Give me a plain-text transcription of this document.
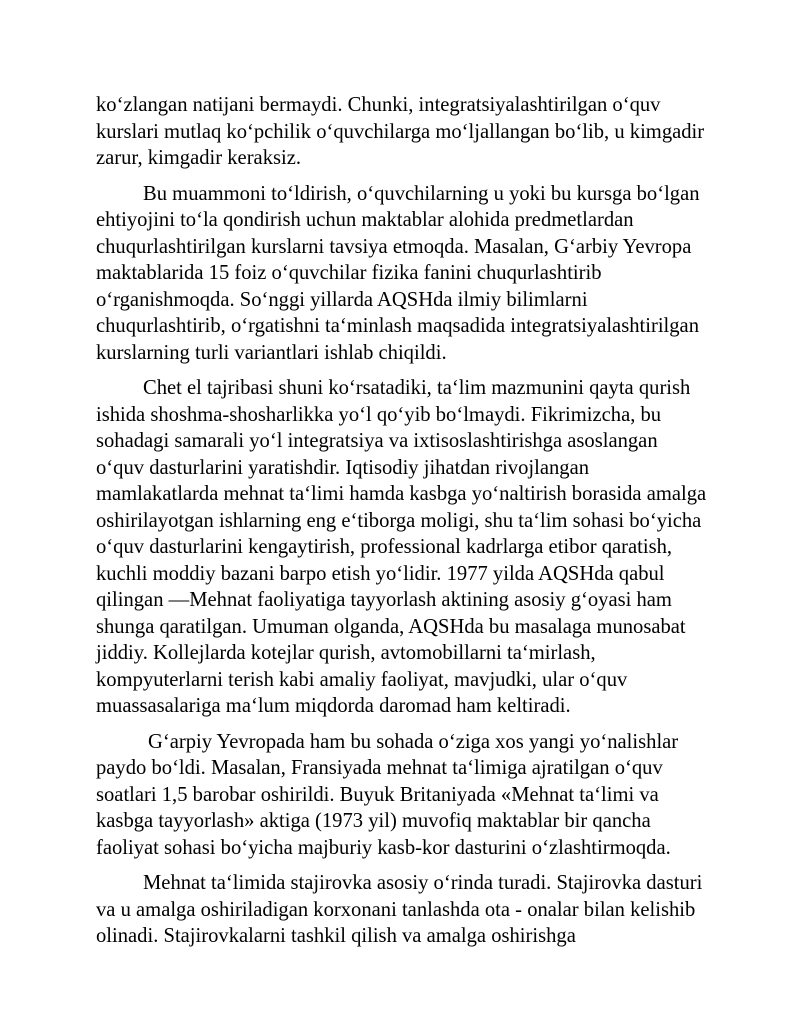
ko‘zlangan natijani bermaydi. Chunki, integratsiyalashtirilgan o‘quv kurslari mutlaq ko‘pchilik o‘quvchilarga mo‘ljallangan bo‘lib, u kimgadir zarur, kimgadir keraksiz.

Bu muammoni to‘ldirish, o‘quvchilarning u yoki bu kursga bo‘lgan ehtiyojini to‘la qondirish uchun maktablar alohida predmetlardan chuqurlashtirilgan kurslarni tavsiya etmoqda. Masalan, G‘arbiy Yevropa maktablarida 15 foiz o‘quvchilar fizika fanini chuqurlashtirib o‘rganishmoqda. So‘nggi yillarda AQSHda ilmiy bilimlarni chuqurlashtirib, o‘rgatishni ta‘minlash maqsadida integratsiyalashtirilgan kurslarning turli variantlari ishlab chiqildi.

Chet el tajribasi shuni ko‘rsatadiki, ta‘lim mazmunini qayta qurish ishida shoshma-shosharlikka yo‘l qo‘yib bo‘lmaydi. Fikrimizcha, bu sohadagi samarali yo‘l integratsiya va ixtisoslashtirishga asoslangan o‘quv dasturlarini yaratishdir. Iqtisodiy jihatdan rivojlangan mamlakatlarda mehnat ta‘limi hamda kasbga yo‘naltirish borasida amalga oshirilayotgan ishlarning eng e‘tiborga moligi, shu ta‘lim sohasi bo‘yicha o‘quv dasturlarini kengaytirish, professional kadrlarga etibor qaratish, kuchli moddiy bazani barpo etish yo‘lidir. 1977 yilda AQSHda qabul qilingan —Mehnat faoliyatiga tayyorlash aktining asosiy g‘oyasi ham shunga qaratilgan. Umuman olganda, AQSHda bu masalaga munosabat jiddiy. Kollejlarda kotejlar qurish, avtomobillarni ta‘mirlash, kompyuterlarni terish kabi amaliy faoliyat, mavjudki, ular o‘quv muassasalariga ma‘lum miqdorda daromad ham keltiradi.

G‘arpiy Yevropada ham bu sohada o‘ziga xos yangi yo‘nalishlar paydo bo‘ldi. Masalan, Fransiyada mehnat ta‘limiga ajratilgan o‘quv soatlari 1,5 barobar oshirildi. Buyuk Britaniyada «Mehnat ta‘limi va kasbga tayyorlash» aktiga (1973 yil) muvofiq maktablar bir qancha faoliyat sohasi bo‘yicha majburiy kasb-kor dasturini o‘zlashtirmoqda.

Mehnat ta‘limida stajirovka asosiy o‘rinda turadi. Stajirovka dasturi va u amalga oshiriladigan korxonani tanlashda ota - onalar bilan kelishib olinadi. Stajirovkalarni tashkil qilish va amalga oshirishga
